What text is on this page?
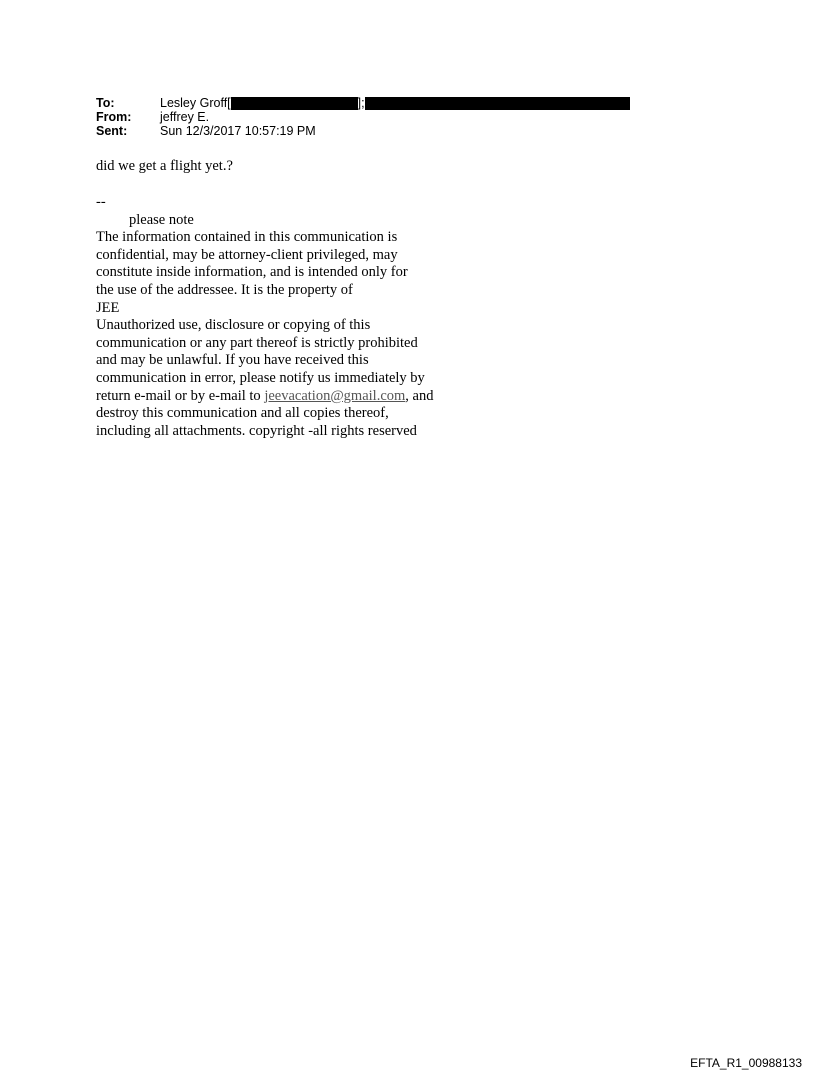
To:	Lesley Groff [	];
From:	jeffrey E.
Sent:	Sun 12/3/2017 10:57:19 PM
did we get a flight yet.?
--
please note
The information contained in this communication is
confidential, may be attorney-client privileged, may
constitute inside information, and is intended only for
the use of the addressee. It is the property of
JEE
Unauthorized use, disclosure or copying of this
communication or any part thereof is strictly prohibited
and may be unlawful. If you have received this
communication in error, please notify us immediately by
return e-mail or by e-mail to jeevacation@gmail.com, and
destroy this communication and all copies thereof,
including all attachments. copyright -all rights reserved
EFTA_R1_00988133
